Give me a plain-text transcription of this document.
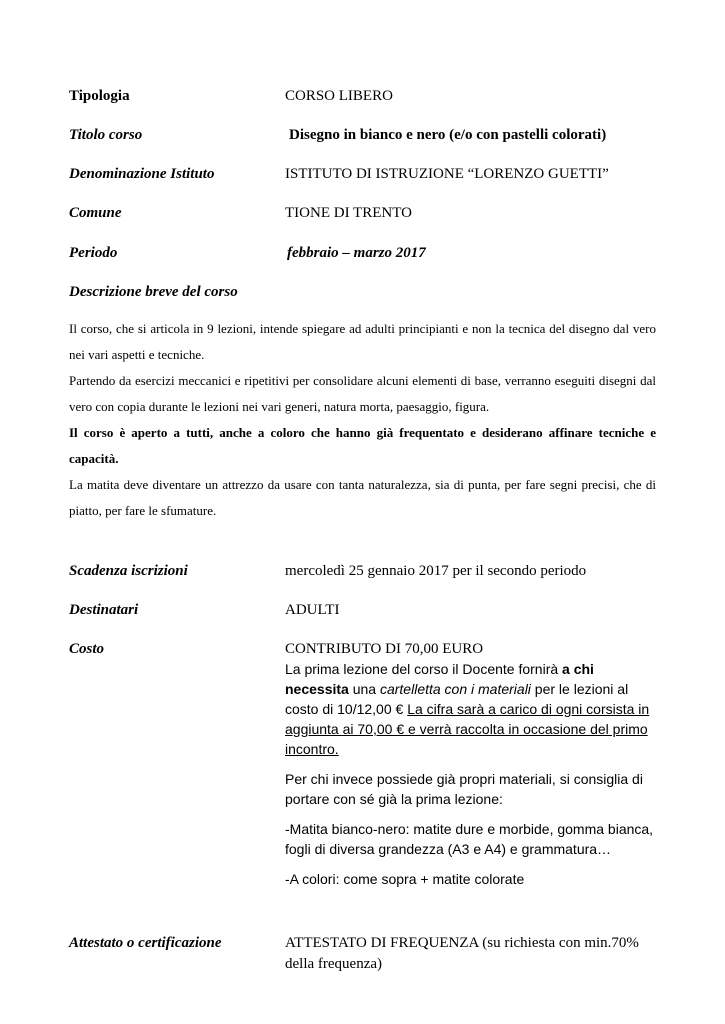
Tipologia	CORSO LIBERO
Titolo corso	Disegno in bianco e nero (e/o con pastelli colorati)
Denominazione Istituto	ISTITUTO DI ISTRUZIONE “LORENZO GUETTI”
Comune	TIONE DI TRENTO
Periodo	febbraio – marzo 2017
Descrizione breve del corso

Il corso, che si articola in 9 lezioni, intende spiegare ad adulti principianti e non la tecnica del disegno dal vero nei vari aspetti e tecniche.

Partendo da esercizi meccanici e ripetitivi per consolidare alcuni elementi di base, verranno eseguiti disegni dal vero con copia durante le lezioni nei vari generi, natura morta, paesaggio, figura.

Il corso è aperto a tutti, anche a coloro che hanno già frequentato e desiderano affinare tecniche e capacità.

La matita deve diventare un attrezzo da usare con tanta naturalezza, sia di punta, per fare segni precisi, che di piatto, per fare le sfumature.

Scadenza iscrizioni	mercoledì 25 gennaio 2017 per il secondo periodo
Destinatari	ADULTI
Costo	CONTRIBUTO DI 70,00 EURO

La prima lezione del corso il Docente fornirà a chi necessita una cartelletta con i materiali per le lezioni al costo di 10/12,00 € La cifra sarà a carico di ogni corsista in aggiunta ai 70,00 € e verrà raccolta in occasione del primo incontro.

Per chi invece possiede già propri materiali, si consiglia di portare con sé già la prima lezione:

-Matita bianco-nero: matite dure e morbide, gomma bianca, fogli di diversa grandezza (A3 e A4) e grammatura…

-A colori: come sopra + matite colorate

Attestato o certificazione	ATTESTATO DI FREQUENZA (su richiesta con min.70% della frequenza)
